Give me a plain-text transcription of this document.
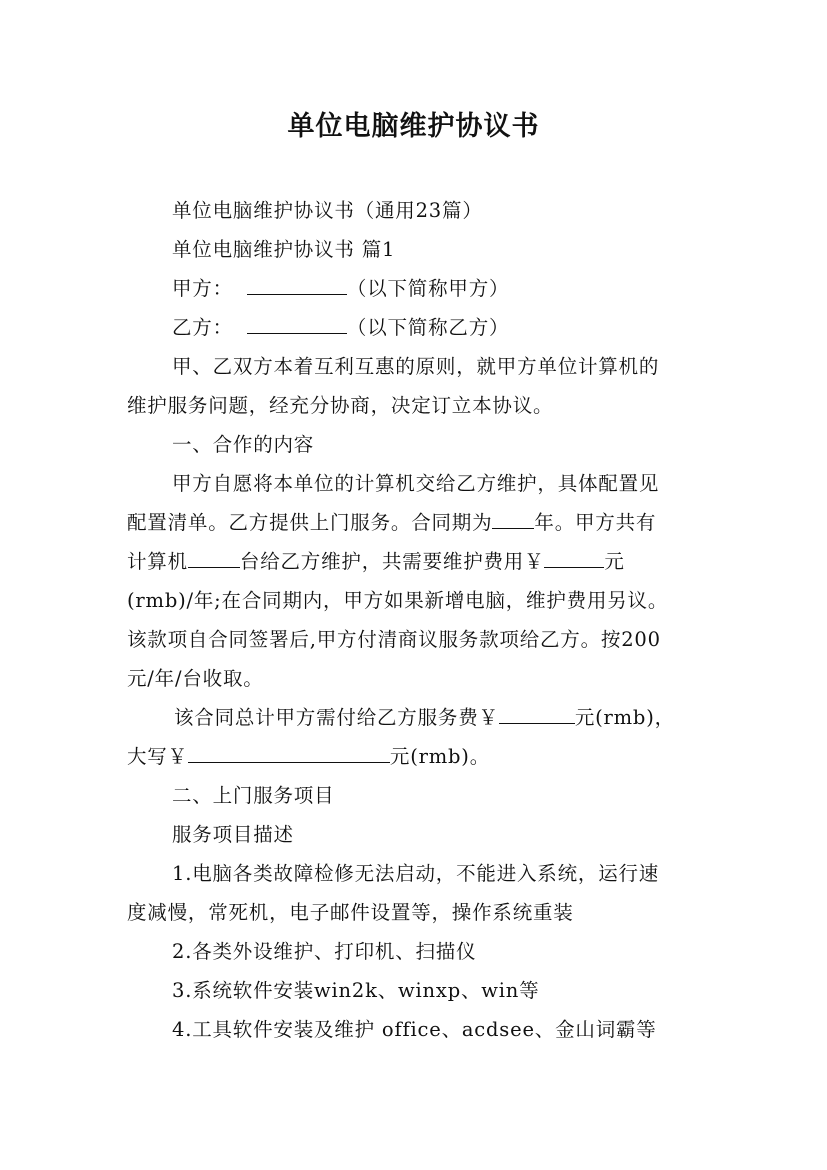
单位电脑维护协议书
单位电脑维护协议书（通用23篇）
单位电脑维护协议书 篇1
甲方：	（以下简称甲方）
乙方：	（以下简称乙方）
甲、乙双方本着互利互惠的原则，就甲方单位计算机的
维护服务问题，经充分协商，决定订立本协议。
一、合作的内容
甲方自愿将本单位的计算机交给乙方维护，具体配置见
配置清单。乙方提供上门服务。合同期为 年。甲方共有
计算机	台给乙方维护，共需要维护费用￥	元
(rmb)/年;在合同期内，甲方如果新增电脑，维护费用另议。
该款项自合同签署后,甲方付清商议服务款项给乙方。按200
元/年/台收取。
该合同总计甲方需付给乙方服务费￥	元(rmb)，
大写￥	元(rmb)。
二、上门服务项目
服务项目描述
1.电脑各类故障检修无法启动，不能进入系统，运行速
度减慢，常死机，电子邮件设置等，操作系统重装
2.各类外设维护、打印机、扫描仪
3.系统软件安装win2k、winxp、win等
4.工具软件安装及维护 office、acdsee、金山词霸等
